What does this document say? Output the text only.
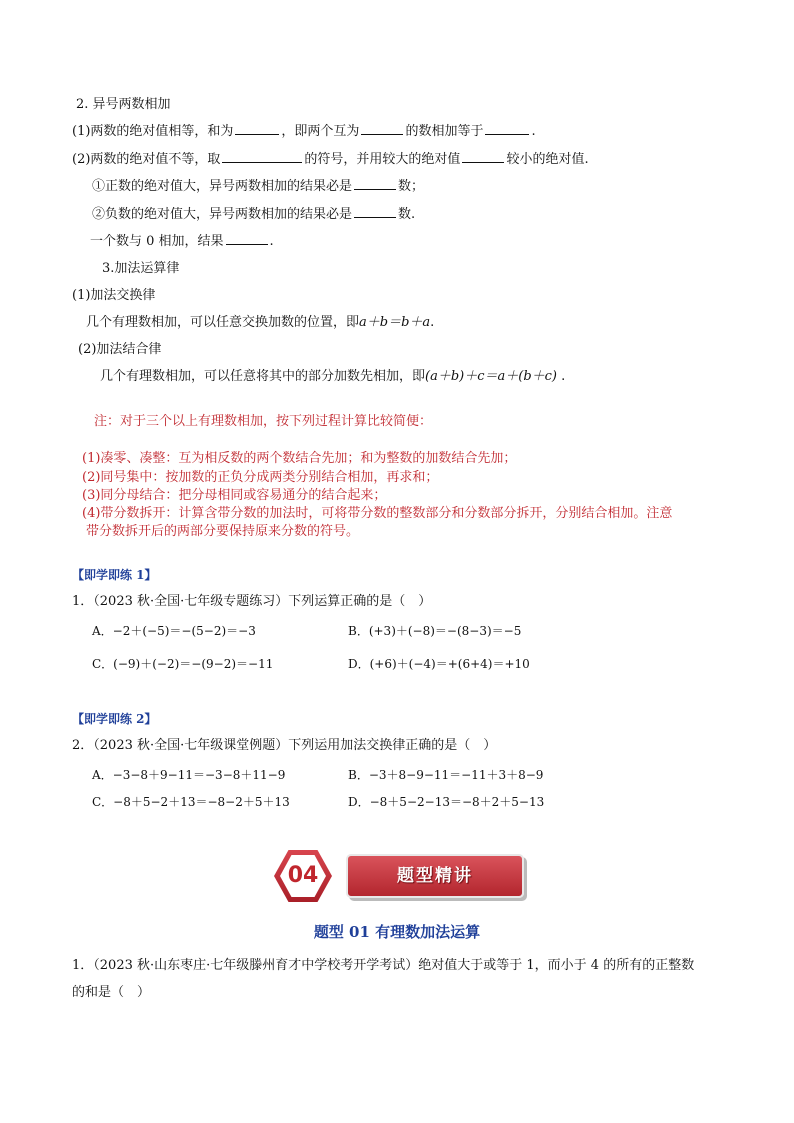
2. 异号两数相加
(1)两数的绝对值相等，和为	，即两个互为	的数相加等于	.
(2)两数的绝对值不等，取	的符号，并用较大的绝对值	较小的绝对值.
①正数的绝对值大，异号两数相加的结果必是	数；
②负数的绝对值大，异号两数相加的结果必是	数.
一个数与 0 相加，结果	.
3.加法运算律
(1)加法交换律
几个有理数相加，可以任意交换加数的位置，即a＋b＝b＋a.
(2)加法结合律
几个有理数相加，可以任意将其中的部分加数先相加，即(a＋b)＋c＝a＋(b＋c) .
注：对于三个以上有理数相加，按下列过程计算比较简便：
(1)凑零、凑整：互为相反数的两个数结合先加；和为整数的加数结合先加；
(2)同号集中：按加数的正负分成两类分别结合相加，再求和；
(3)同分母结合：把分母相同或容易通分的结合起来；
(4)带分数拆开：计算含带分数的加法时，可将带分数的整数部分和分数部分拆开，分别结合相加。注意
带分数拆开后的两部分要保持原来分数的符号。
【即学即练 1】
1．（2023 秋·全国·七年级专题练习）下列运算正确的是（　）
A．−2＋(−5)＝−(5−2)＝−3	B．(+3)＋(−8)＝−(8−3)＝−5
C．(−9)＋(−2)＝−(9−2)＝−11	D．(+6)＋(−4)＝+(6+4)＝+10
【即学即练 2】
2．（2023 秋·全国·七年级课堂例题）下列运用加法交换律正确的是（　）
A．−3−8＋9−11＝−3−8＋11−9	B．−3＋8−9−11＝−11＋3＋8−9
C．−8＋5−2＋13＝−8−2＋5＋13	D．−8＋5−2−13＝−8＋2＋5−13
题型精讲
04
题型 01 有理数加法运算
1．（2023 秋·山东枣庄·七年级滕州育才中学校考开学考试）绝对值大于或等于 1，而小于 4 的所有的正整数
的和是（　）
